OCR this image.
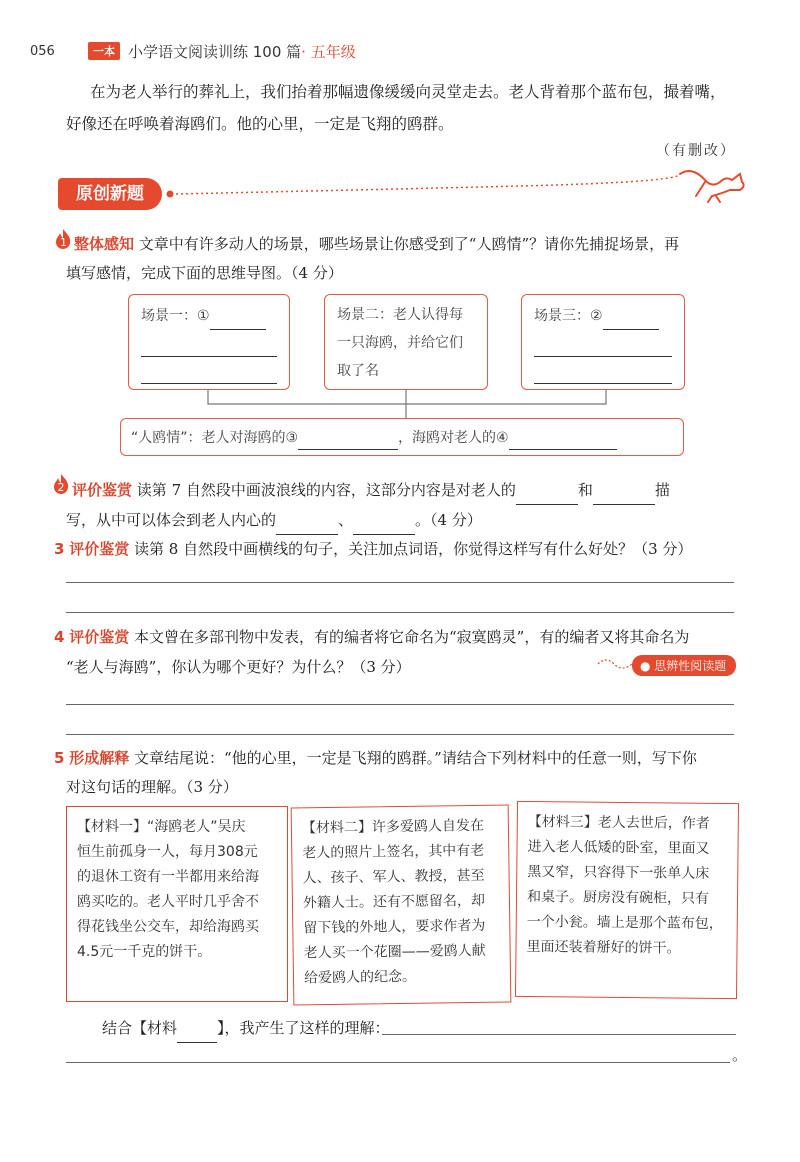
056	一本 小学语文阅读训练 100 篇· 五年级
在为老人举行的葬礼上，我们抬着那幅遗像缓缓向灵堂走去。老人背着那个蓝布包，撮着嘴，
好像还在呼唤着海鸥们。他的心里，一定是飞翔的鸥群。
（有删改）
原创新题
1 整体感知 文章中有许多动人的场景，哪些场景让你感受到了“人鸥情”？请你先捕捉场景，再
填写感情，完成下面的思维导图。（4 分）
场景一：①	场景二：老人认得每
一只海鸥，并给它们
取了名
场景三：②
“人鸥情”：老人对海鸥的③	，海鸥对老人的④
2 评价鉴赏 读第 7 自然段中画波浪线的内容，这部分内容是对老人的	和	描
写，从中可以体会到老人内心的	、	。（4 分）
3 评价鉴赏 读第 8 自然段中画横线的句子，关注加点词语，你觉得这样写有什么好处？（3 分）
4 评价鉴赏 本文曾在多部刊物中发表，有的编者将它命名为“寂寞鸥灵”，有的编者又将其命名为
“老人与海鸥”，你认为哪个更好？为什么？（3 分）	● 思辨性阅读题
5 形成解释 文章结尾说：“他的心里，一定是飞翔的鸥群。”请结合下列材料中的任意一则，写下你
对这句话的理解。（3 分）
【材料一】“海鸥老人”吴庆
恒生前孤身一人，每月308元
的退休工资有一半都用来给海
鸥买吃的。老人平时几乎舍不
得花钱坐公交车，却给海鸥买
4.5元一千克的饼干。
【材料二】许多爱鸥人自发在
老人的照片上签名，其中有老
人、孩子、军人、教授，甚至
外籍人士。还有不愿留名，却
留下钱的外地人，要求作者为
老人买一个花圈——爱鸥人献
给爱鸥人的纪念。
【材料三】老人去世后，作者
进入老人低矮的卧室，里面又
黑又窄，只容得下一张单人床
和桌子。厨房没有碗柜，只有
一个小瓮。墙上是那个蓝布包，
里面还装着掰好的饼干。
结合【材料	】，我产生了这样的理解：
。
